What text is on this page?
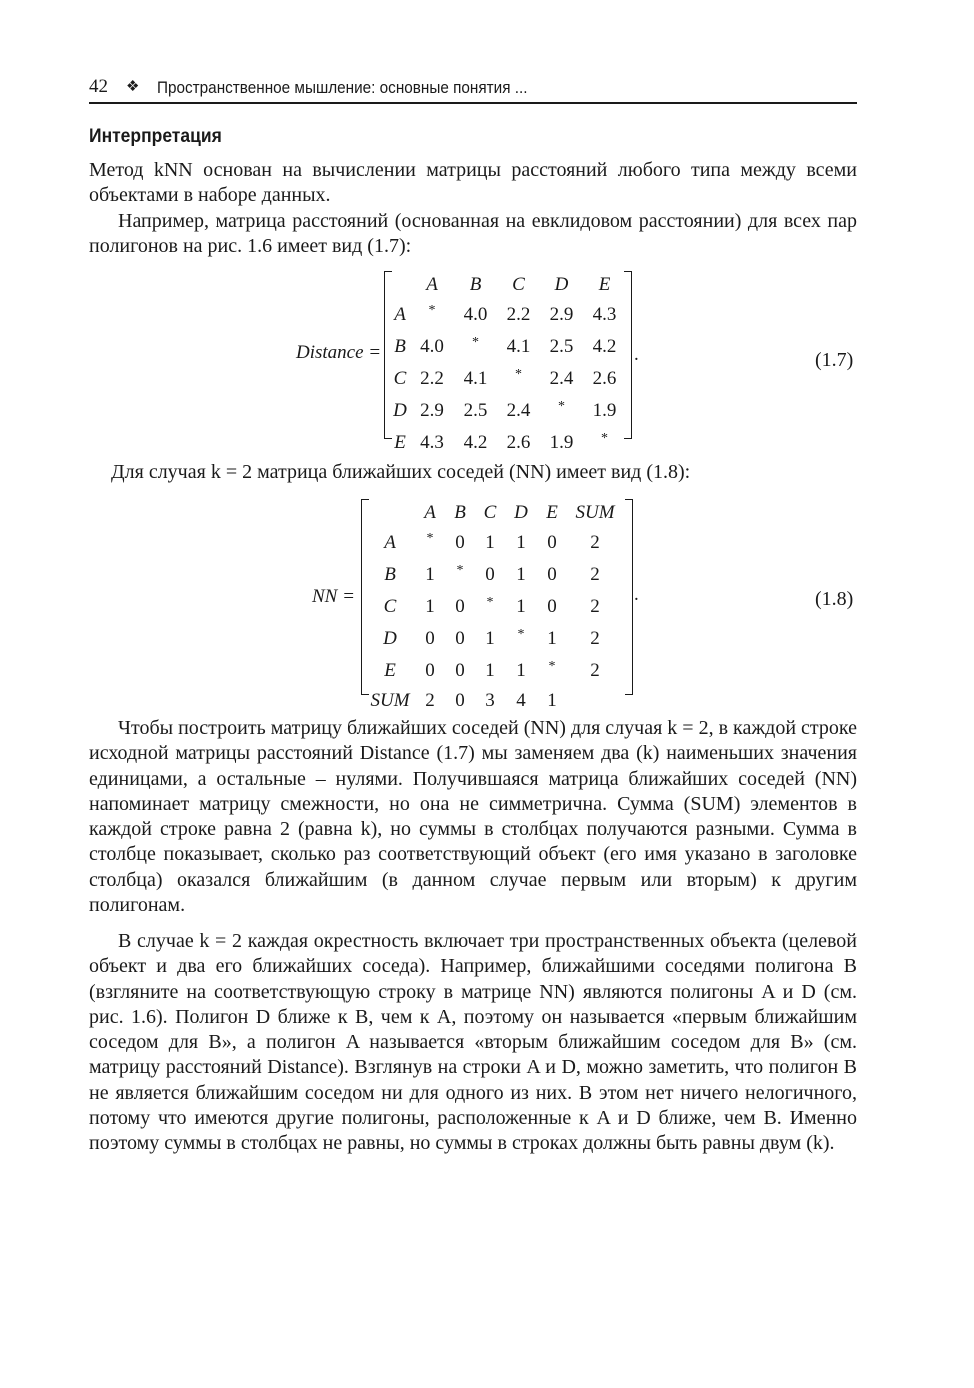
42 ❖ Пространственное мышление: основные понятия ...
Интерпретация
Метод kNN основан на вычислении матрицы расстояний любого типа между всеми объектами в наборе данных.
Например, матрица расстояний (основанная на евклидовом расстоянии) для всех пар полигонов на рис. 1.6 имеет вид (1.7):
Distance =
	A	B	C	D	E
A	*	4.0	2.2	2.9	4.3
B	4.0	*	4.1	2.5	4.2
C	2.2	4.1	*	2.4	2.6
D	2.9	2.5	2.4	*	1.9
E	4.3	4.2	2.6	1.9	*
.	(1.7)
Для случая k = 2 матрица ближайших соседей (NN) имеет вид (1.8):
NN =
	A	B	C	D	E	SUM
A	*	0	1	1	0	2
B	1	*	0	1	0	2
C	1	0	*	1	0	2
D	0	0	1	*	1	2
E	0	0	1	1	*	2
SUM	2	0	3	4	1	
.	(1.8)
Чтобы построить матрицу ближайших соседей (NN) для случая k = 2, в каждой строке исходной матрицы расстояний Distance (1.7) мы заменяем два (k) наименьших значения единицами, а остальные – нулями. Получившаяся матрица ближайших соседей (NN) напоминает матрицу смежности, но она не симметрична. Сумма (SUM) элементов в каждой строке равна 2 (равна k), но суммы в столбцах получаются разными. Сумма в столбце показывает, сколько раз соответствующий объект (его имя указано в заголовке столбца) оказался ближайшим (в данном случае первым или вторым) к другим полигонам.
В случае k = 2 каждая окрестность включает три пространственных объекта (целевой объект и два его ближайших соседа). Например, ближайшими соседями полигона B (взгляните на соответствующую строку в матрице NN) являются полигоны A и D (см. рис. 1.6). Полигон D ближе к B, чем к A, поэтому он называется «первым ближайшим соседом для B», а полигон A называется «вторым ближайшим соседом для B» (см. матрицу расстояний Distance). Взглянув на строки A и D, можно заметить, что полигон B не является ближайшим соседом ни для одного из них. В этом нет ничего нелогичного, потому что имеются другие полигоны, расположенные к A и D ближе, чем B. Именно поэтому суммы в столбцах не равны, но суммы в строках должны быть равны двум (k).
